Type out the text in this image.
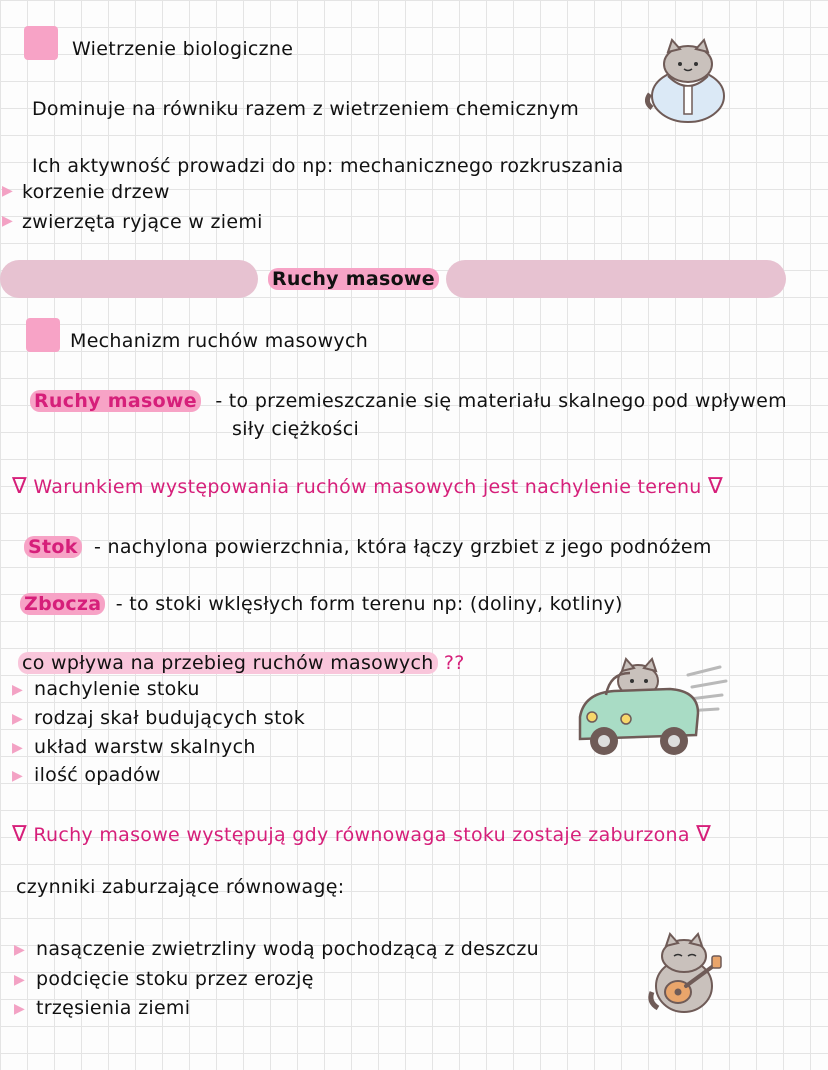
Wietrzenie biologiczne
Dominuje na równiku razem z wietrzeniem chemicznym
Ich aktywność prowadzi do np: mechanicznego rozkruszania
▶ korzenie drzew
▶ zwierzęta ryjące w ziemi
Ruchy masowe
Mechanizm ruchów masowych
Ruchy masowe - to przemieszczanie się materiału skalnego pod wpływem
siły ciężkości
∇ Warunkiem występowania ruchów masowych jest nachylenie terenu ∇
Stok - nachylona powierzchnia, która łączy grzbiet z jego podnóżem
Zbocza - to stoki wklęsłych form terenu np: (doliny, kotliny)
co wpływa na przebieg ruchów masowych ??
▶ nachylenie stoku
▶ rodzaj skał budujących stok
▶ układ warstw skalnych
▶ ilość opadów
∇ Ruchy masowe występują gdy równowaga stoku zostaje zaburzona ∇
czynniki zaburzające równowagę:
▶ nasączenie zwietrzliny wodą pochodzącą z deszczu
▶ podcięcie stoku przez erozję
▶ trzęsienia ziemi
